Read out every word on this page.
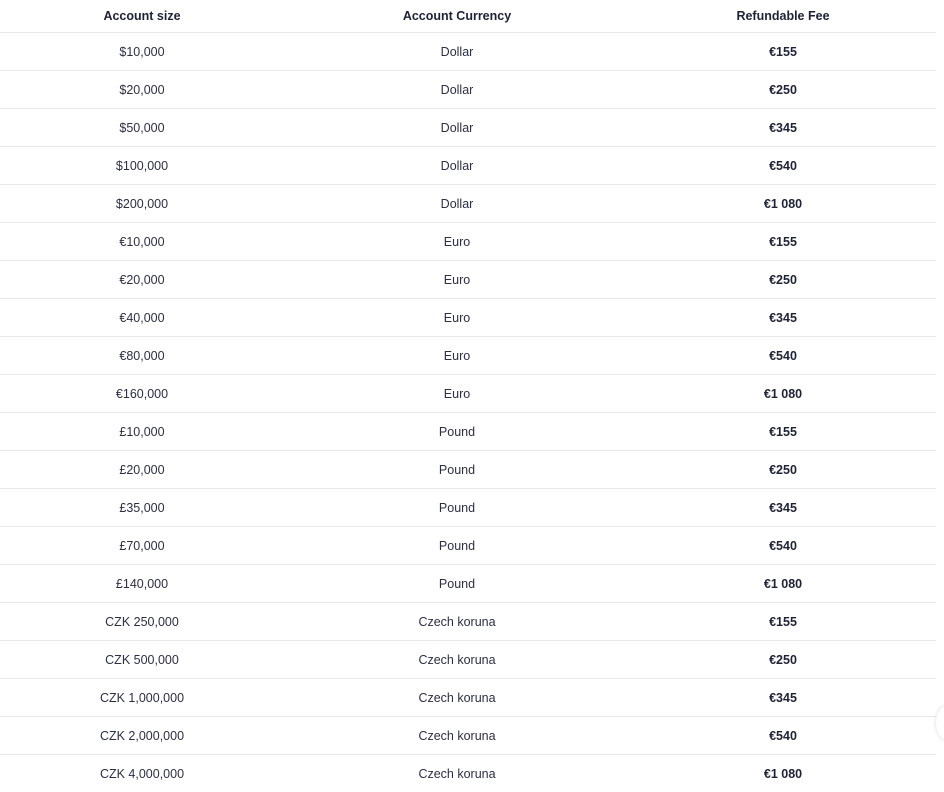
Account size	Account Currency	Refundable Fee
$10,000	Dollar	€155
$20,000	Dollar	€250
$50,000	Dollar	€345
$100,000	Dollar	€540
$200,000	Dollar	€1 080
€10,000	Euro	€155
€20,000	Euro	€250
€40,000	Euro	€345
€80,000	Euro	€540
€160,000	Euro	€1 080
£10,000	Pound	€155
£20,000	Pound	€250
£35,000	Pound	€345
£70,000	Pound	€540
£140,000	Pound	€1 080
CZK 250,000	Czech koruna	€155
CZK 500,000	Czech koruna	€250
CZK 1,000,000	Czech koruna	€345
CZK 2,000,000	Czech koruna	€540
CZK 4,000,000	Czech koruna	€1 080
